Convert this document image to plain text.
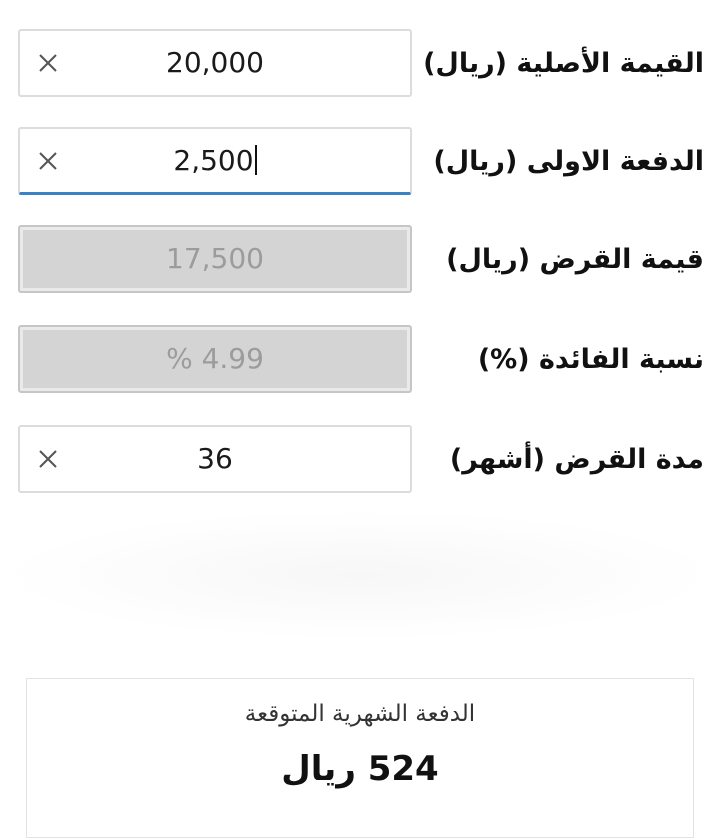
القيمة الأصلية (ريال)
20,000
الدفعة الاولى (ريال)
2,500
قيمة القرض (ريال)
17,500
نسبة الفائدة (%)
% 4.99
مدة القرض (أشهر)
36
الدفعة الشهرية المتوقعة
524 ريال
